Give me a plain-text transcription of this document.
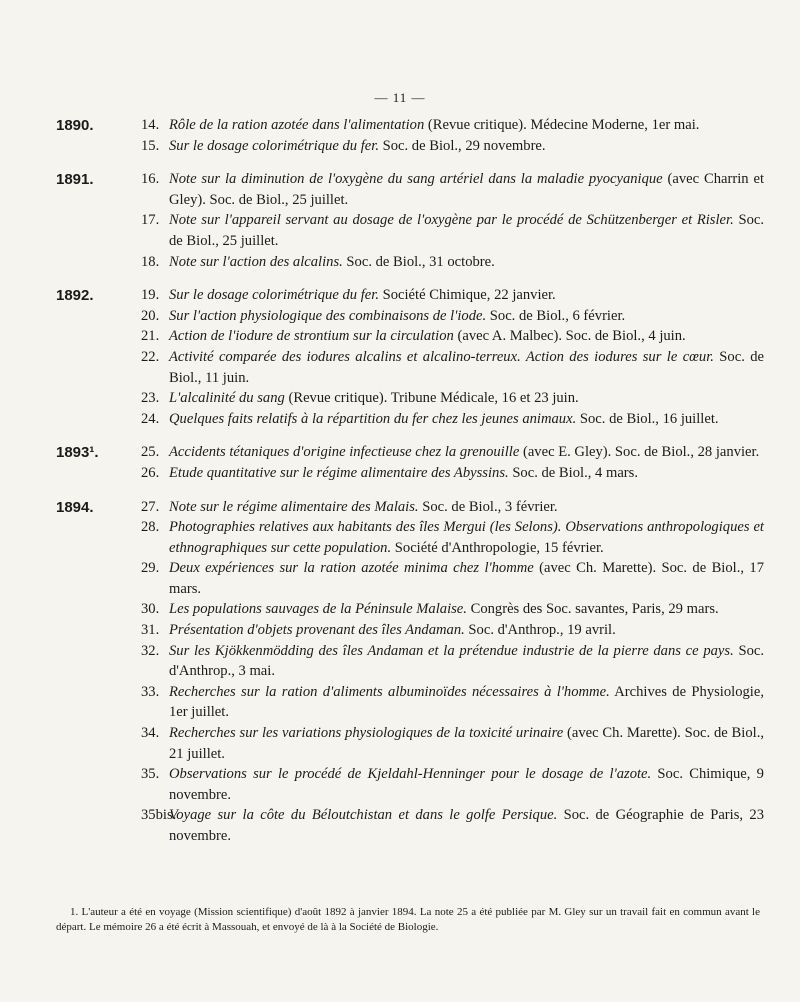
— 11 —
1890.	14. Rôle de la ration azotée dans l'alimentation (Revue critique). Médecine Moderne, 1er mai.
15. Sur le dosage colorimétrique du fer. Soc. de Biol., 29 novembre.
1891.	16. Note sur la diminution de l'oxygène du sang artériel dans la maladie pyocyanique (avec Charrin et Gley). Soc. de Biol., 25 juillet.
17. Note sur l'appareil servant au dosage de l'oxygène par le procédé de Schützenberger et Risler. Soc. de Biol., 25 juillet.
18. Note sur l'action des alcalins. Soc. de Biol., 31 octobre.
1892.	19. Sur le dosage colorimétrique du fer. Société Chimique, 22 janvier.
20. Sur l'action physiologique des combinaisons de l'iode. Soc. de Biol., 6 février.
21. Action de l'iodure de strontium sur la circulation (avec A. Malbec). Soc. de Biol., 4 juin.
22. Activité comparée des iodures alcalins et alcalino-terreux. Action des iodures sur le cœur. Soc. de Biol., 11 juin.
23. L'alcalinité du sang (Revue critique). Tribune Médicale, 16 et 23 juin.
24. Quelques faits relatifs à la répartition du fer chez les jeunes animaux. Soc. de Biol., 16 juillet.
1893¹.	25. Accidents tétaniques d'origine infectieuse chez la grenouille (avec E. Gley). Soc. de Biol., 28 janvier.
26. Etude quantitative sur le régime alimentaire des Abyssins. Soc. de Biol., 4 mars.
1894.	27. Note sur le régime alimentaire des Malais. Soc. de Biol., 3 février.
28. Photographies relatives aux habitants des îles Mergui (les Selons). Observations anthropologiques et ethnographiques sur cette population. Société d'Anthropologie, 15 février.
29. Deux expériences sur la ration azotée minima chez l'homme (avec Ch. Marette). Soc. de Biol., 17 mars.
30. Les populations sauvages de la Péninsule Malaise. Congrès des Soc. savantes, Paris, 29 mars.
31. Présentation d'objets provenant des îles Andaman. Soc. d'Anthrop., 19 avril.
32. Sur les Kjökkenmödding des îles Andaman et la prétendue industrie de la pierre dans ce pays. Soc. d'Anthrop., 3 mai.
33. Recherches sur la ration d'aliments albuminoïdes nécessaires à l'homme. Archives de Physiologie, 1er juillet.
34. Recherches sur les variations physiologiques de la toxicité urinaire (avec Ch. Marette). Soc. de Biol., 21 juillet.
35. Observations sur le procédé de Kjeldahl-Henninger pour le dosage de l'azote. Soc. Chimique, 9 novembre.
35bis.Voyage sur la côte du Béloutchistan et dans le golfe Persique. Soc. de Géographie de Paris, 23 novembre.

1. L'auteur a été en voyage (Mission scientifique) d'août 1892 à janvier 1894. La note 25 a été publiée par M. Gley sur un travail fait en commun avant le départ. Le mémoire 26 a été écrit à Massouah, et envoyé de là à la Société de Biologie.
